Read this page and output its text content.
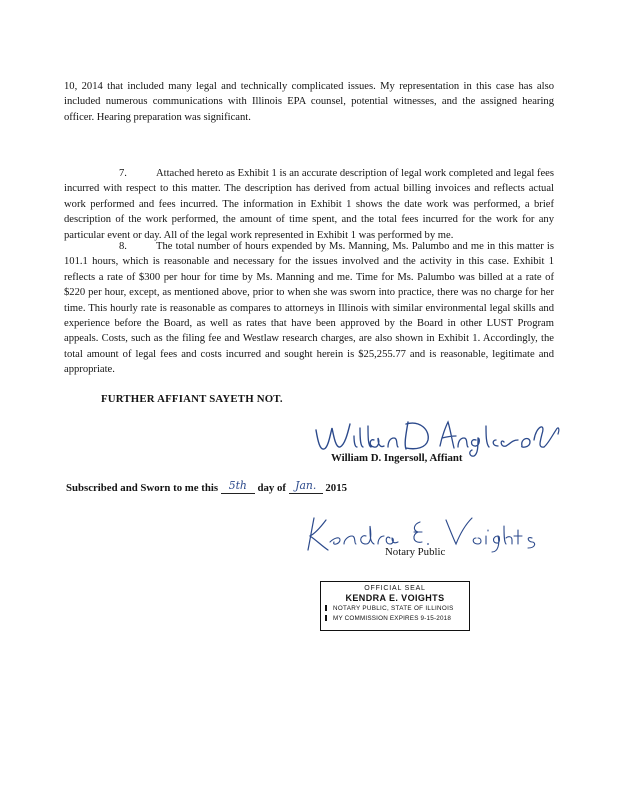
10, 2014 that included many legal and technically complicated issues. My representation in this case has also included numerous communications with Illinois EPA counsel, potential witnesses, and the assigned hearing officer. Hearing preparation was significant.

7.	Attached hereto as Exhibit 1 is an accurate description of legal work completed and legal fees incurred with respect to this matter. The description has derived from actual billing invoices and reflects actual work performed and fees incurred. The information in Exhibit 1 shows the date work was performed, a brief description of the work performed, the amount of time spent, and the total fees incurred for the work for any particular event or day. All of the legal work represented in Exhibit 1 was performed by me.

8.	The total number of hours expended by Ms. Manning, Ms. Palumbo and me in this matter is 101.1 hours, which is reasonable and necessary for the issues involved and the activity in this case. Exhibit 1 reflects a rate of $300 per hour for time by Ms. Manning and me. Time for Ms. Palumbo was billed at a rate of $220 per hour, except, as mentioned above, prior to when she was sworn into practice, there was no charge for her time. This hourly rate is reasonable as compares to attorneys in Illinois with similar environmental legal skills and experience before the Board, as well as rates that have been approved by the Board in other LUST Program appeals. Costs, such as the filing fee and Westlaw research charges, are also shown in Exhibit 1. Accordingly, the total amount of legal fees and costs incurred and sought herein is $25,255.77 and is reasonable, legitimate and appropriate.

FURTHER AFFIANT SAYETH NOT.
William D. Ingersoll, Affiant
Subscribed and Sworn to me this 5th day of Jan. 2015
Notary Public
OFFICIAL SEAL
KENDRA E. VOIGHTS
NOTARY PUBLIC, STATE OF ILLINOIS
MY COMMISSION EXPIRES 9-15-2018
